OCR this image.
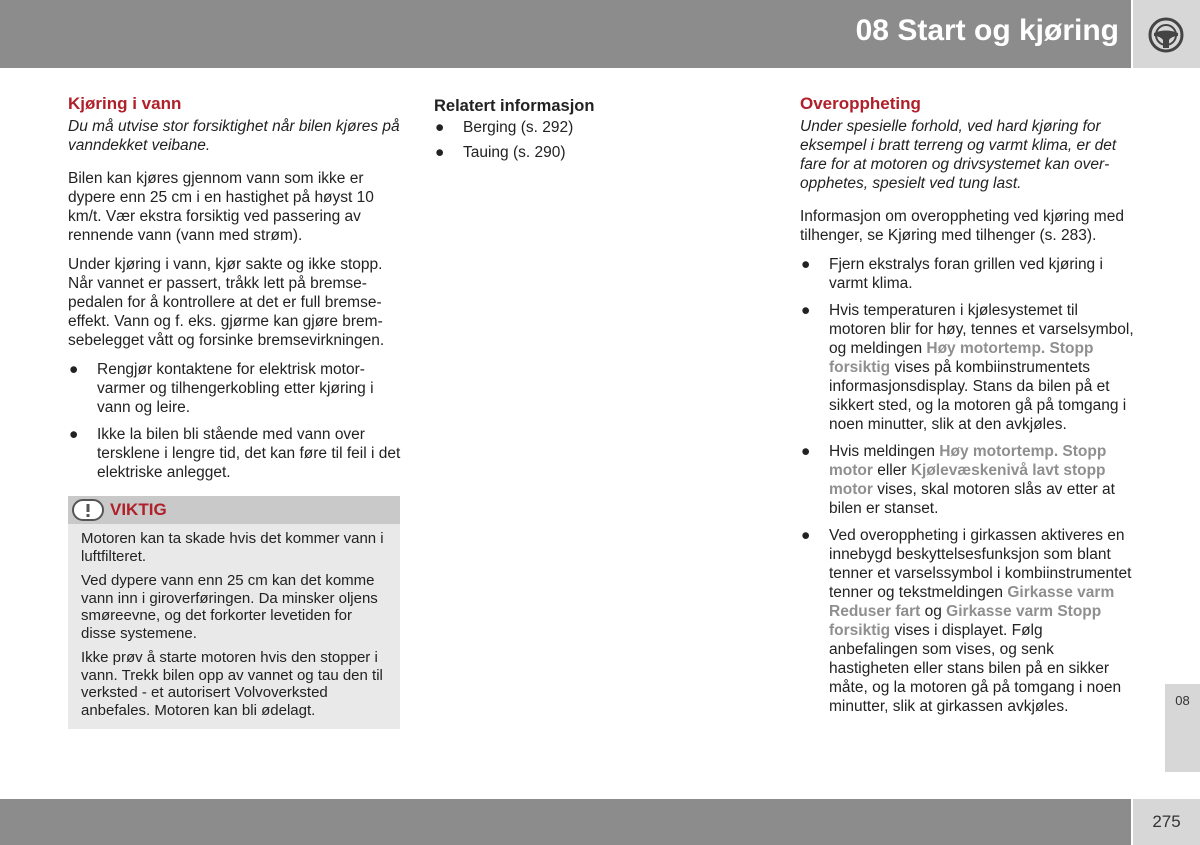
08 Start og kjøring
Kjøring i vann

Du må utvise stor forsiktighet når bilen kjøres på vanndekket veibane.

Bilen kan kjøres gjennom vann som ikke er dypere enn 25 cm i en hastighet på høyst 10 km/t. Vær ekstra forsiktig ved passering av rennende vann (vann med strøm).

Under kjøring i vann, kjør sakte og ikke stopp. Når vannet er passert, tråkk lett på bremsepedalen for å kontrollere at det er full bremseeffekt. Vann og f. eks. gjørme kan gjøre bremsebelegget vått og forsinke bremsevirkningen.

● Rengjør kontaktene for elektrisk motorvarmer og tilhengerkobling etter kjøring i vann og leire.
● Ikke la bilen bli stående med vann over tersklene i lengre tid, det kan føre til feil i det elektriske anlegget.
VIKTIG

Motoren kan ta skade hvis det kommer vann i luftfilteret.

Ved dypere vann enn 25 cm kan det komme vann inn i giroverføringen. Da minsker oljens smøreevne, og det forkorter levetiden for disse systemene.

Ikke prøv å starte motoren hvis den stopper i vann. Trekk bilen opp av vannet og tau den til verksted - et autorisert Volvoverksted anbefales. Motoren kan bli ødelagt.

Relatert informasjon
● Berging (s. 292)
● Tauing (s. 290)
Overoppheting

Under spesielle forhold, ved hard kjøring for eksempel i bratt terreng og varmt klima, er det fare for at motoren og drivsystemet kan overopphetes, spesielt ved tung last.

Informasjon om overoppheting ved kjøring med tilhenger, se Kjøring med tilhenger (s. 283).

● Fjern ekstralys foran grillen ved kjøring i varmt klima.
● Hvis temperaturen i kjølesystemet til motoren blir for høy, tennes et varselsymbol, og meldingen Høy motortemp. Stopp forsiktig vises på kombiinstrumentets informasjonsdisplay. Stans da bilen på et sikkert sted, og la motoren gå på tomgang i noen minutter, slik at den avkjøles.
● Hvis meldingen Høy motortemp. Stopp motor eller Kjølevæskenivå lavt stopp motor vises, skal motoren slås av etter at bilen er stanset.
● Ved overoppheting i girkassen aktiveres en innebygd beskyttelsesfunksjon som blant tenner et varselssymbol i kombiinstrumentet tenner og tekstmeldingen Girkasse varm Reduser fart og Girkasse varm Stopp forsiktig vises i displayet. Følg anbefalingen som vises, og senk hastigheten eller stans bilen på en sikker måte, og la motoren gå på tomgang i noen minutter, slik at girkassen avkjøles.	08
275
